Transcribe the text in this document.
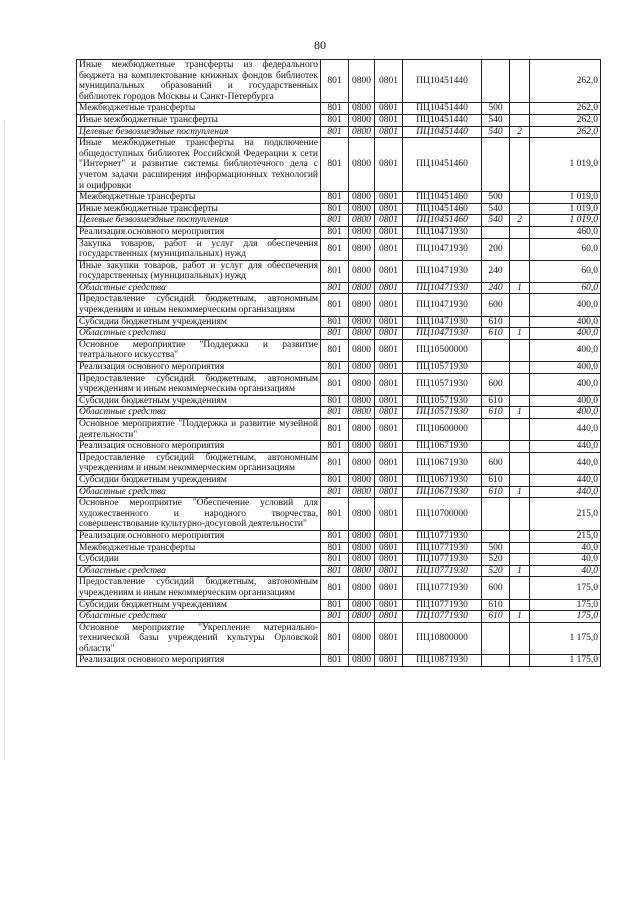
80
Иные межбюджетные трансферты из федерального бюджета на комплектование книжных фондов библиотек муниципальных образований и государственных библиотек городов Москвы и Санкт-Петербурга	801	0800	0801	ПЦ10451440			262,0
Межбюджетные трансферты	801	0800	0801	ПЦ10451440	500		262,0
Иные межбюджетные трансферты	801	0800	0801	ПЦ10451440	540		262,0
Целевые безвозмездные поступления	801	0800	0801	ПЦ10451440	540	2	262,0
Иные межбюджетные трансферты на подключение общедоступных библиотек Российской Федерации к сети "Интернет" и развитие системы библиотечного дела с учетом задачи расширения информационных технологий и оцифровки	801	0800	0801	ПЦ10451460			1 019,0
Межбюджетные трансферты	801	0800	0801	ПЦ10451460	500		1 019,0
Иные межбюджетные трансферты	801	0800	0801	ПЦ10451460	540		1 019,0
Целевые безвозмездные поступления	801	0800	0801	ПЦ10451460	540	2	1 019,0
Реализация основного мероприятия	801	0800	0801	ПЦ10471930			460,0
Закупка товаров, работ и услуг для обеспечения государственных (муниципальных) нужд	801	0800	0801	ПЦ10471930	200		60,0
Иные закупки товаров, работ и услуг для обеспечения государственных (муниципальных) нужд	801	0800	0801	ПЦ10471930	240		60,0
Областные средства	801	0800	0801	ПЦ10471930	240	1	60,0
Предоставление субсидий бюджетным, автономным учреждениям и иным некоммерческим организациям	801	0800	0801	ПЦ10471930	600		400,0
Субсидии бюджетным учреждениям	801	0800	0801	ПЦ10471930	610		400,0
Областные средства	801	0800	0801	ПЦ10471930	610	1	400,0
Основное мероприятие "Поддержка и развитие театрального искусства"	801	0800	0801	ПЦ10500000			400,0
Реализация основного мероприятия	801	0800	0801	ПЦ10571930			400,0
Предоставление субсидий бюджетным, автономным учреждениям и иным некоммерческим организациям	801	0800	0801	ПЦ10571930	600		400,0
Субсидии бюджетным учреждениям	801	0800	0801	ПЦ10571930	610		400,0
Областные средства	801	0800	0801	ПЦ10571930	610	1	400,0
Основное мероприятие "Поддержка и развитие музейной деятельности"	801	0800	0801	ПЦ10600000			440,0
Реализация основного мероприятия	801	0800	0801	ПЦ10671930			440,0
Предоставление субсидий бюджетным, автономным учреждениям и иным некоммерческим организациям	801	0800	0801	ПЦ10671930	600		440,0
Субсидии бюджетным учреждениям	801	0800	0801	ПЦ10671930	610		440,0
Областные средства	801	0800	0801	ПЦ10671930	610	1	440,0
Основное мероприятие "Обеспечение условий для художественного и народного творчества, совершенствование культурно-досуговой деятельности"	801	0800	0801	ПЦ10700000			215,0
Реализация основного мероприятия	801	0800	0801	ПЦ10771930			215,0
Межбюджетные трансферты	801	0800	0801	ПЦ10771930	500		40,0
Субсидии	801	0800	0801	ПЦ10771930	520		40,0
Областные средства	801	0800	0801	ПЦ10771930	520	1	40,0
Предоставление субсидий бюджетным, автономным учреждениям и иным некоммерческим организациям	801	0800	0801	ПЦ10771930	600		175,0
Субсидии бюджетным учреждениям	801	0800	0801	ПЦ10771930	610		175,0
Областные средства	801	0800	0801	ПЦ10771930	610	1	175,0
Основное мероприятие "Укрепление материально-технической базы учреждений культуры Орловской области"	801	0800	0801	ПЦ10800000			1 175,0
Реализация основного мероприятия	801	0800	0801	ПЦ10871930			1 175,0
